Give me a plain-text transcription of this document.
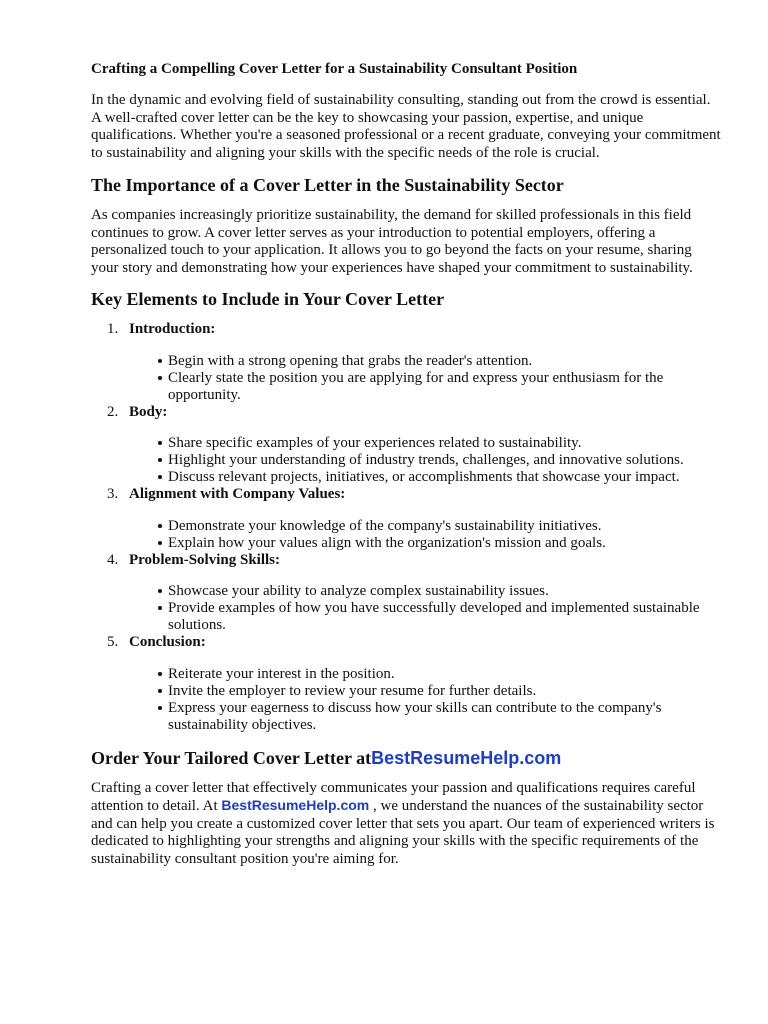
Crafting a Compelling Cover Letter for a Sustainability Consultant Position

In the dynamic and evolving field of sustainability consulting, standing out from the crowd is essential. A well-crafted cover letter can be the key to showcasing your passion, expertise, and unique qualifications. Whether you're a seasoned professional or a recent graduate, conveying your commitment to sustainability and aligning your skills with the specific needs of the role is crucial.

The Importance of a Cover Letter in the Sustainability Sector

As companies increasingly prioritize sustainability, the demand for skilled professionals in this field continues to grow. A cover letter serves as your introduction to potential employers, offering a personalized touch to your application. It allows you to go beyond the facts on your resume, sharing your story and demonstrating how your experiences have shaped your commitment to sustainability.

Key Elements to Include in Your Cover Letter
1. Introduction:
Begin with a strong opening that grabs the reader's attention.
Clearly state the position you are applying for and express your enthusiasm for the opportunity.
2. Body:
Share specific examples of your experiences related to sustainability.
Highlight your understanding of industry trends, challenges, and innovative solutions.
Discuss relevant projects, initiatives, or accomplishments that showcase your impact.
3. Alignment with Company Values:
Demonstrate your knowledge of the company's sustainability initiatives.
Explain how your values align with the organization's mission and goals.
4. Problem-Solving Skills:
Showcase your ability to analyze complex sustainability issues.
Provide examples of how you have successfully developed and implemented sustainable solutions.
5. Conclusion:
Reiterate your interest in the position.
Invite the employer to review your resume for further details.
Express your eagerness to discuss how your skills can contribute to the company's sustainability objectives.
Order Your Tailored Cover Letter atBestResumeHelp.com

Crafting a cover letter that effectively communicates your passion and qualifications requires careful attention to detail. At BestResumeHelp.com , we understand the nuances of the sustainability sector and can help you create a customized cover letter that sets you apart. Our team of experienced writers is dedicated to highlighting your strengths and aligning your skills with the specific requirements of the sustainability consultant position you're aiming for.
